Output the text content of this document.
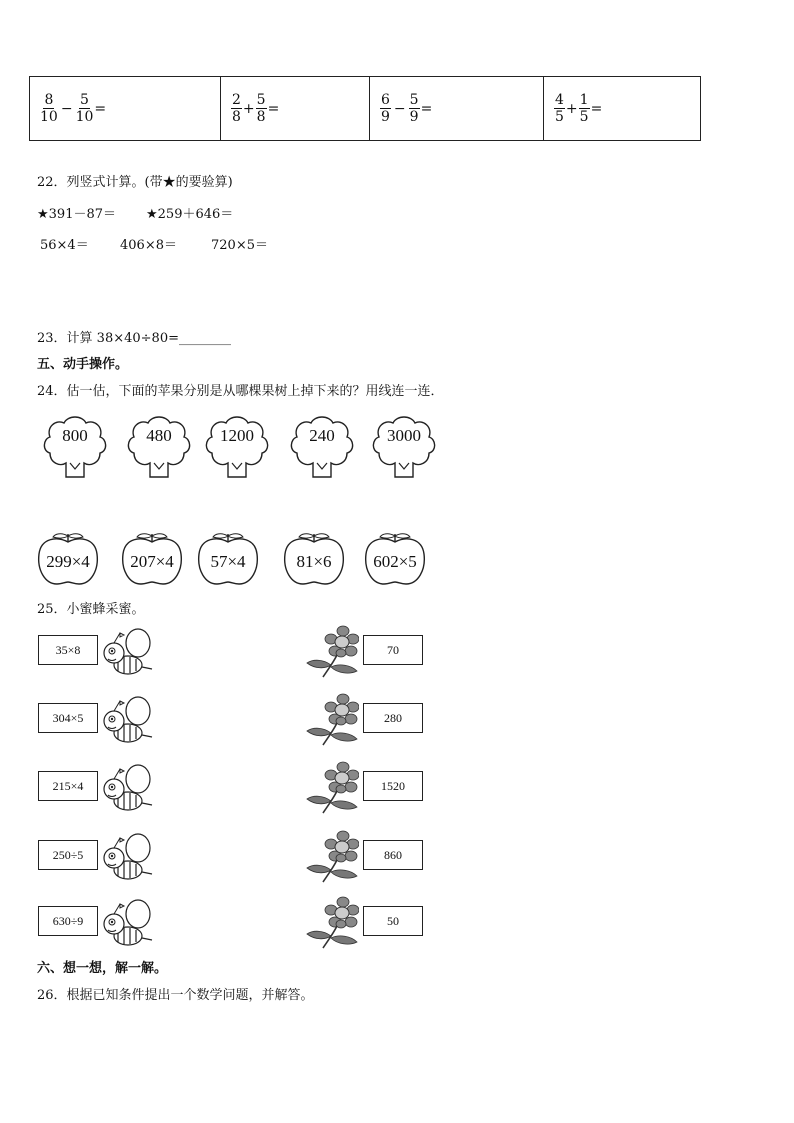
$\frac{8}{10} - \frac{5}{10}$ =	$\frac{2}{8} + \frac{5}{8}$ =	$\frac{6}{9} - \frac{5}{9}$ =	$\frac{4}{5} + \frac{1}{5}$ =
22．列竖式计算。(带★的要验算)
★391－87＝ ★259＋646＝
56×4＝ 406×8＝	720×5＝
23．计算 38×40÷80=________
五、动手操作。
24．估一估，下面的苹果分别是从哪棵果树上掉下来的？用线连一连．
800	480	1200	240	3000
299×4	207×4	57×4	81×6	602×5
25．小蜜蜂采蜜。
35×8	70
304×5	280
215×4	1520
250÷5	860
630÷9	50
六、想一想，解一解。
26．根据已知条件提出一个数学问题，并解答。
